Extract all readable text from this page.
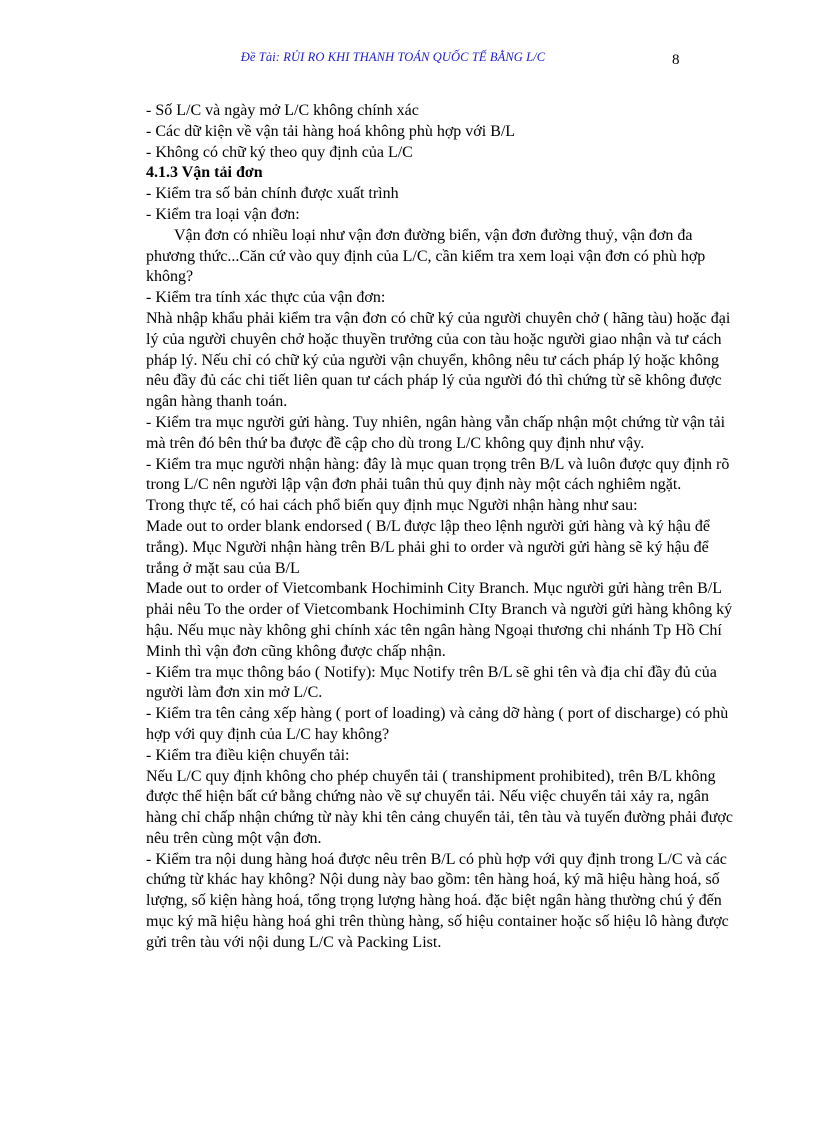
Đề Tài: RỦI RO KHI THANH TOÁN QUỐC TẾ BẰNG L/C	8

- Số L/C và ngày mở L/C không chính xác

- Các dữ kiện về vận tải hàng hoá không phù hợp với B/L

- Không có chữ ký theo quy định của L/C

4.1.3 Vận tải đơn

- Kiểm tra số bản chính được xuất trình

- Kiểm tra loại vận đơn:

Vận đơn có nhiều loại như vận đơn đường biển, vận đơn đường thuỷ, vận đơn đa phương thức...Căn cứ vào quy định của L/C, cần kiểm tra xem loại vận đơn có phù hợp không?

- Kiểm tra tính xác thực của vận đơn:

Nhà nhập khẩu phải kiểm tra vận đơn có chữ ký của người chuyên chở ( hãng tàu) hoặc đại lý của người chuyên chở hoặc thuyền trưởng của con tàu hoặc người giao nhận và tư cách pháp lý. Nếu chỉ có chữ ký của người vận chuyển, không nêu tư cách pháp lý hoặc không nêu đầy đủ các chi tiết liên quan tư cách pháp lý của người đó thì chứng từ sẽ không được ngân hàng thanh toán.

- Kiểm tra mục người gửi hàng. Tuy nhiên, ngân hàng vẫn chấp nhận một chứng từ vận tải mà trên đó bên thứ ba được đề cập cho dù trong L/C không quy định như vậy.

- Kiểm tra mục người nhận hàng: đây là mục quan trọng trên B/L và luôn được quy định rõ trong L/C nên người lập vận đơn phải tuân thủ quy định này một cách nghiêm ngặt.

Trong thực tế, có hai cách phổ biến quy định mục Người nhận hàng như sau:

Made out to order blank endorsed ( B/L được lập theo lệnh người gửi hàng và ký hậu để trắng). Mục Người nhận hàng trên B/L phải ghi to order và người gửi hàng sẽ ký hậu để trắng ở mặt sau của B/L

Made out to order of Vietcombank Hochiminh City Branch. Mục người gửi hàng trên B/L phải nêu To the order of Vietcombank Hochiminh CIty Branch và người gửi hàng không ký hậu. Nếu mục này không ghi chính xác tên ngân hàng Ngoại thương chi nhánh Tp Hồ Chí Minh thì vận đơn cũng không được chấp nhận.

- Kiểm tra mục thông báo ( Notify): Mục Notify trên B/L sẽ ghi tên và địa chỉ đầy đủ của người làm đơn xin mở L/C.

- Kiểm tra tên cảng xếp hàng ( port of loading) và cảng dỡ hàng ( port of discharge) có phù hợp với quy định của L/C hay không?

- Kiểm tra điều kiện chuyển tải:

Nếu L/C quy định không cho phép chuyển tải ( transhipment prohibited), trên B/L không được thể hiện bất cứ bằng chứng nào về sự chuyển tải. Nếu việc chuyển tải xảy ra, ngân hàng chỉ chấp nhận chứng từ này khi tên cảng chuyển tải, tên tàu và tuyến đường phải được nêu trên cùng một vận đơn.

- Kiểm tra nội dung hàng hoá được nêu trên B/L có phù hợp với quy định trong L/C và các chứng từ khác hay không? Nội dung này bao gồm: tên hàng hoá, ký mã hiệu hàng hoá, số lượng, số kiện hàng hoá, tổng trọng lượng hàng hoá. đặc biệt ngân hàng thường chú ý đến mục ký mã hiệu hàng hoá ghi trên thùng hàng, số hiệu container hoặc số hiệu lô hàng được gửi trên tàu với nội dung L/C và Packing List.
